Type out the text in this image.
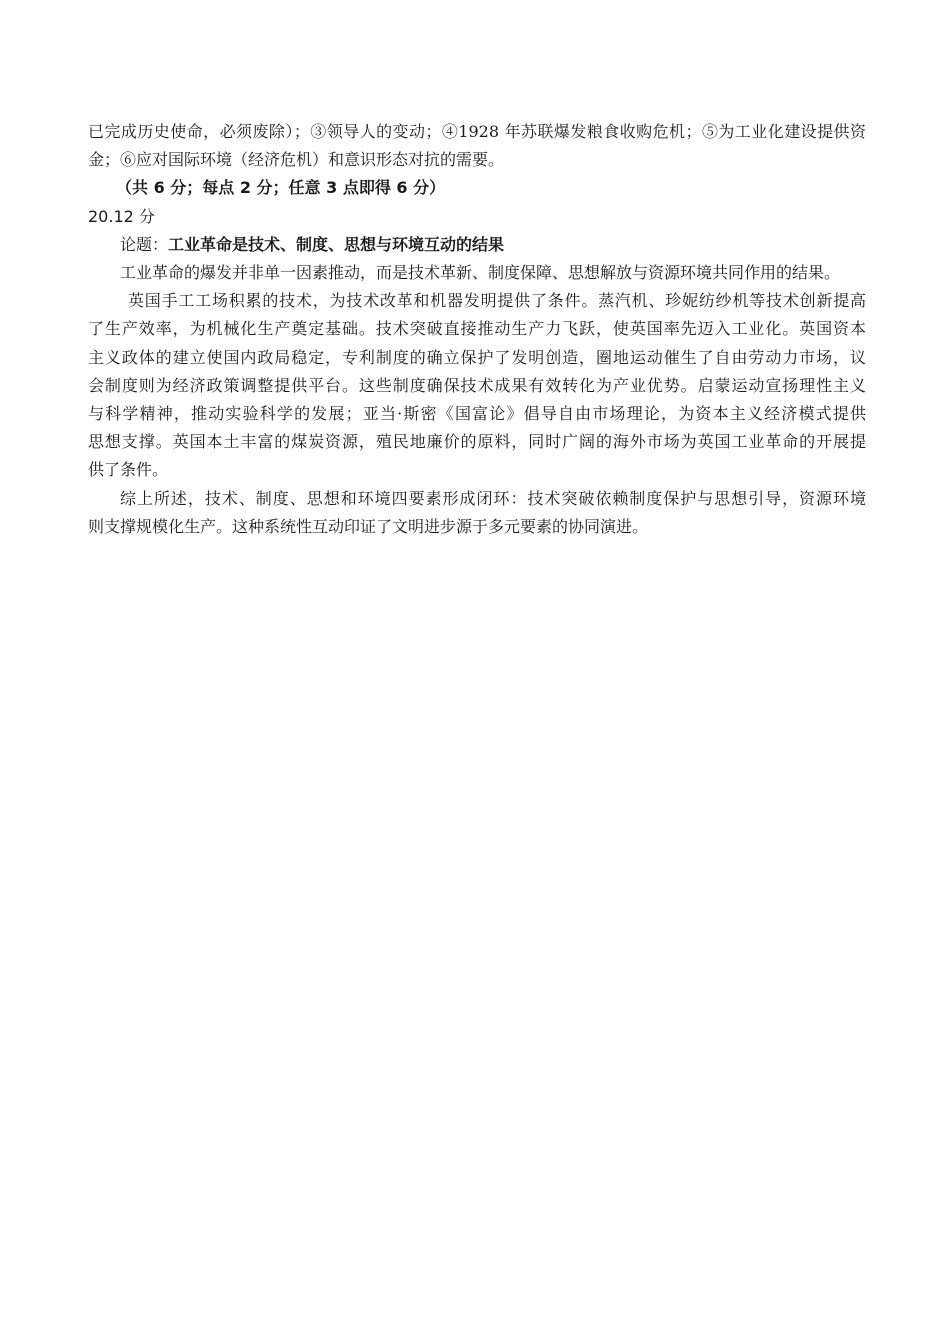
已完成历史使命，必须废除）；③领导人的变动；④1928 年苏联爆发粮食收购危机；⑤为工业化建设提供资

金；⑥应对国际环境（经济危机）和意识形态对抗的需要。

（共 6 分；每点 2 分；任意 3 点即得 6 分）

20.12 分

论题：工业革命是技术、制度、思想与环境互动的结果

工业革命的爆发并非单一因素推动，而是技术革新、制度保障、思想解放与资源环境共同作用的结果。

英国手工工场积累的技术，为技术改革和机器发明提供了条件。蒸汽机、珍妮纺纱机等技术创新提高

了生产效率，为机械化生产奠定基础。技术突破直接推动生产力飞跃，使英国率先迈入工业化。英国资本

主义政体的建立使国内政局稳定，专利制度的确立保护了发明创造，圈地运动催生了自由劳动力市场，议

会制度则为经济政策调整提供平台。这些制度确保技术成果有效转化为产业优势。启蒙运动宣扬理性主义

与科学精神，推动实验科学的发展；亚当·斯密《国富论》倡导自由市场理论，为资本主义经济模式提供

思想支撑。英国本土丰富的煤炭资源，殖民地廉价的原料，同时广阔的海外市场为英国工业革命的开展提

供了条件。

综上所述，技术、制度、思想和环境四要素形成闭环：技术突破依赖制度保护与思想引导，资源环境

则支撑规模化生产。这种系统性互动印证了文明进步源于多元要素的协同演进。
